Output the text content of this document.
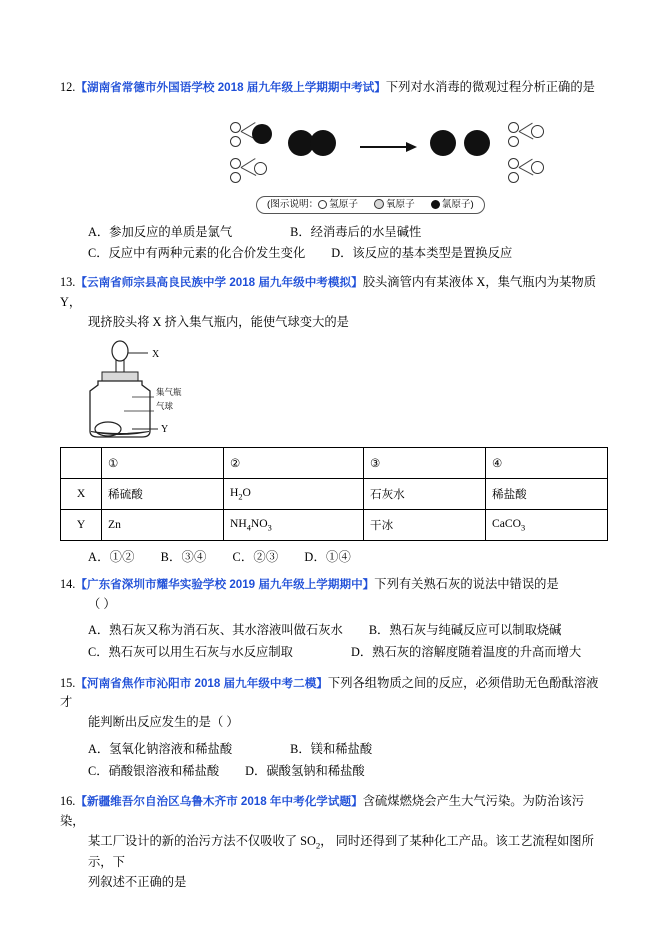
12.【湖南省常德市外国语学校 2018 届九年级上学期期中考试】下列对水消毒的微观过程分析正确的是
(图示说明： 氢原子	氧原子	氯原子)
A．参加反应的单质是氯气	B．经消毒后的水呈碱性
C．反应中有两种元素的化合价发生变化 D．该反应的基本类型是置换反应
13.【云南省师宗县高良民族中学 2018 届九年级中考模拟】胶头滴管内有某液体 X，集气瓶内为某物质 Y，
现挤胶头将 X 挤入集气瓶内，能使气球变大的是
X
集气瓶
气球
Y
	①	②	③	④
X	稀硫酸	$H_2O$	石灰水	稀盐酸
Y	Zn	$NH_4NO_3$	干冰	CaCO$_3$
A．①② B．③④ C．②③ D．①④
14.【广东省深圳市耀华实验学校 2019 届九年级上学期期中】下列有关熟石灰的说法中错误的是
（ ）
A．熟石灰又称为消石灰、其水溶液叫做石灰水 B．熟石灰与纯碱反应可以制取烧碱
C．熟石灰可以用生石灰与水反应制取	D．熟石灰的溶解度随着温度的升高而增大
15.【河南省焦作市沁阳市 2018 届九年级中考二模】下列各组物质之间的反应，必须借助无色酚酞溶液才
能判断出反应发生的是（ ）
A．氢氧化钠溶液和稀盐酸	B．镁和稀盐酸
C．硝酸银溶液和稀盐酸 D．碳酸氢钠和稀盐酸
16.【新疆维吾尔自治区乌鲁木齐市 2018 年中考化学试题】含硫煤燃烧会产生大气污染。为防治该污染，
某工厂设计的新的治污方法不仅吸收了 $SO_2$， 同时还得到了某种化工产品。该工艺流程如图所示，下
列叙述不正确的是
